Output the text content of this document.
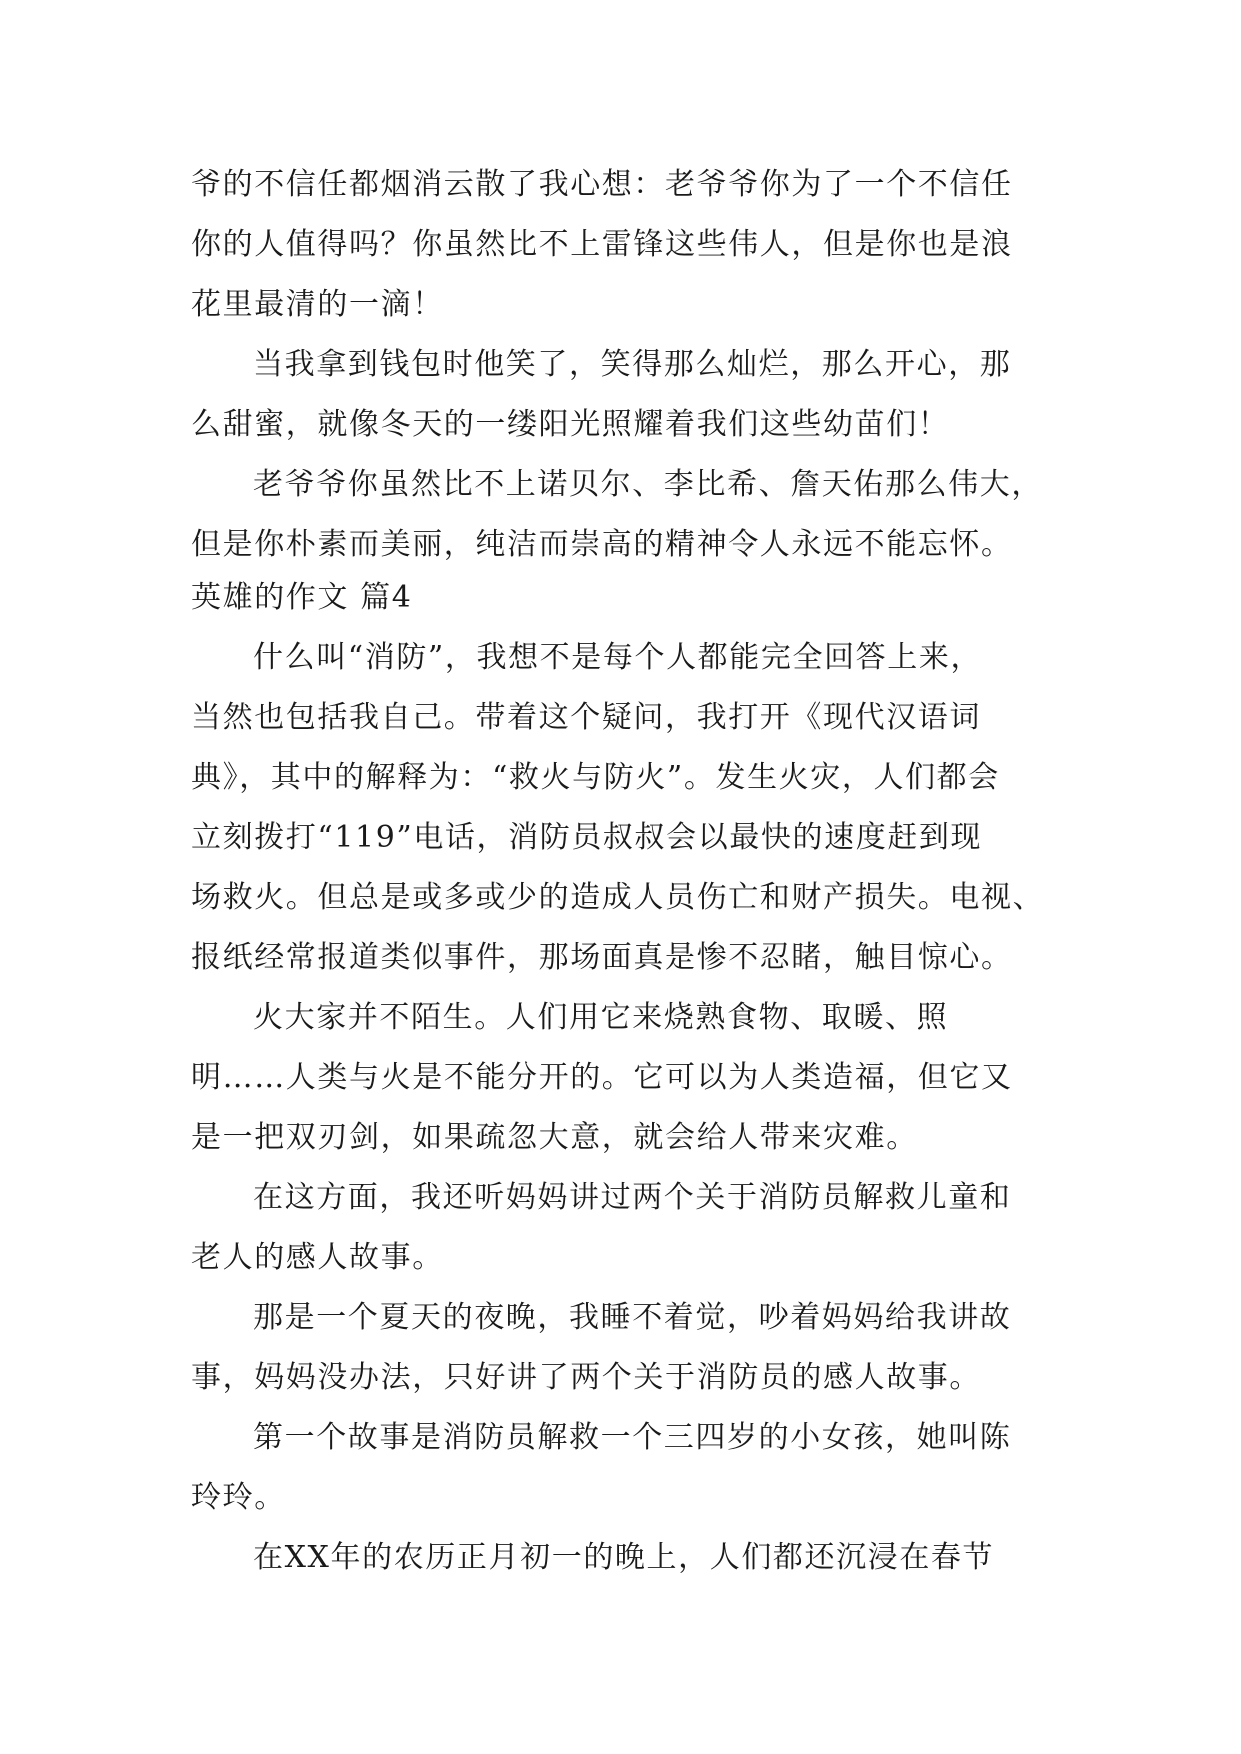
爷的不信任都烟消云散了我心想：老爷爷你为了一个不信任
你的人值得吗？你虽然比不上雷锋这些伟人，但是你也是浪
花里最清的一滴！
当我拿到钱包时他笑了，笑得那么灿烂，那么开心，那
么甜蜜，就像冬天的一缕阳光照耀着我们这些幼苗们！
老爷爷你虽然比不上诺贝尔、李比希、詹天佑那么伟大，
但是你朴素而美丽，纯洁而崇高的精神令人永远不能忘怀。
英雄的作文 篇4
什么叫“消防”，我想不是每个人都能完全回答上来，
当然也包括我自己。带着这个疑问，我打开《现代汉语词
典》，其中的解释为：“救火与防火”。发生火灾，人们都会
立刻拨打“119”电话，消防员叔叔会以最快的速度赶到现
场救火。但总是或多或少的造成人员伤亡和财产损失。电视、
报纸经常报道类似事件，那场面真是惨不忍睹，触目惊心。
火大家并不陌生。人们用它来烧熟食物、取暖、照
明……人类与火是不能分开的。它可以为人类造福，但它又
是一把双刃剑，如果疏忽大意，就会给人带来灾难。
在这方面，我还听妈妈讲过两个关于消防员解救儿童和
老人的感人故事。
那是一个夏天的夜晚，我睡不着觉，吵着妈妈给我讲故
事，妈妈没办法，只好讲了两个关于消防员的感人故事。
第一个故事是消防员解救一个三四岁的小女孩，她叫陈
玲玲。
在XX年的农历正月初一的晚上，人们都还沉浸在春节
